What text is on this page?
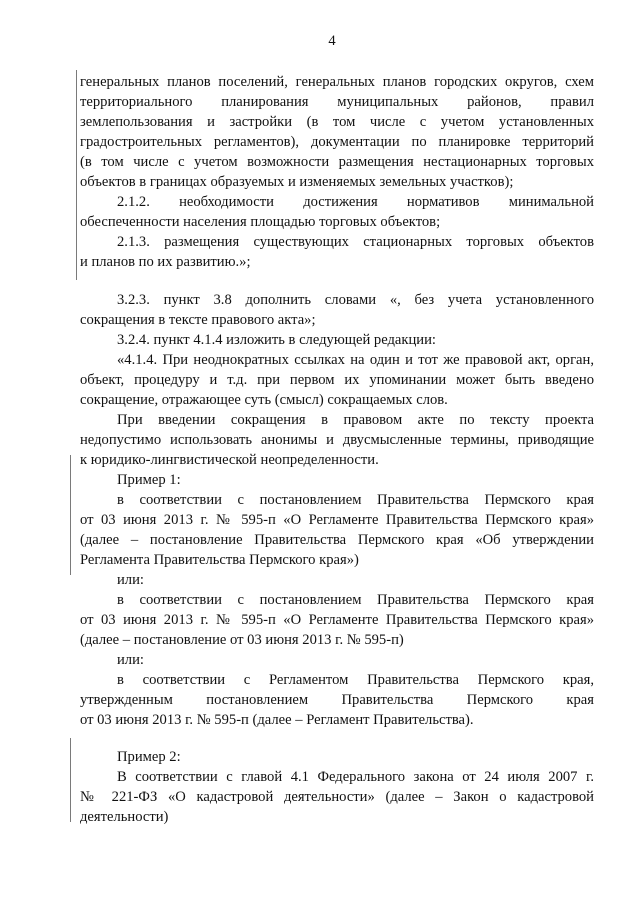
4
генеральных планов поселений, генеральных планов городских округов, схем
территориального планирования муниципальных районов, правил
землепользования и застройки (в том числе с учетом установленных
градостроительных регламентов), документации по планировке территорий
(в том числе с учетом возможности размещения нестационарных торговых
объектов в границах образуемых и изменяемых земельных участков);
2.1.2. необходимости достижения нормативов минимальной
обеспеченности населения площадью торговых объектов;
2.1.3. размещения существующих стационарных торговых объектов
и планов по их развитию.»;
3.2.3. пункт 3.8 дополнить словами «, без учета установленного
сокращения в тексте правового акта»;
3.2.4. пункт 4.1.4 изложить в следующей редакции:
«4.1.4. При неоднократных ссылках на один и тот же правовой акт, орган,
объект, процедуру и т.д. при первом их упоминании может быть введено
сокращение, отражающее суть (смысл) сокращаемых слов.
При введении сокращения в правовом акте по тексту проекта
недопустимо использовать анонимы и двусмысленные термины, приводящие
к юридико-лингвистической неопределенности.
Пример 1:
в соответствии с постановлением Правительства Пермского края
от 03 июня 2013 г. № 595-п «О Регламенте Правительства Пермского края»
(далее – постановление Правительства Пермского края «Об утверждении
Регламента Правительства Пермского края»)
или:
в соответствии с постановлением Правительства Пермского края
от 03 июня 2013 г. № 595-п «О Регламенте Правительства Пермского края»
(далее – постановление от 03 июня 2013 г. № 595-п)
или:
в соответствии с Регламентом Правительства Пермского края,
утвержденным постановлением Правительства Пермского края
от 03 июня 2013 г. № 595-п (далее – Регламент Правительства).
Пример 2:
В соответствии с главой 4.1 Федерального закона от 24 июля 2007 г.
№ 221-ФЗ «О кадастровой деятельности» (далее – Закон о кадастровой
деятельности)
